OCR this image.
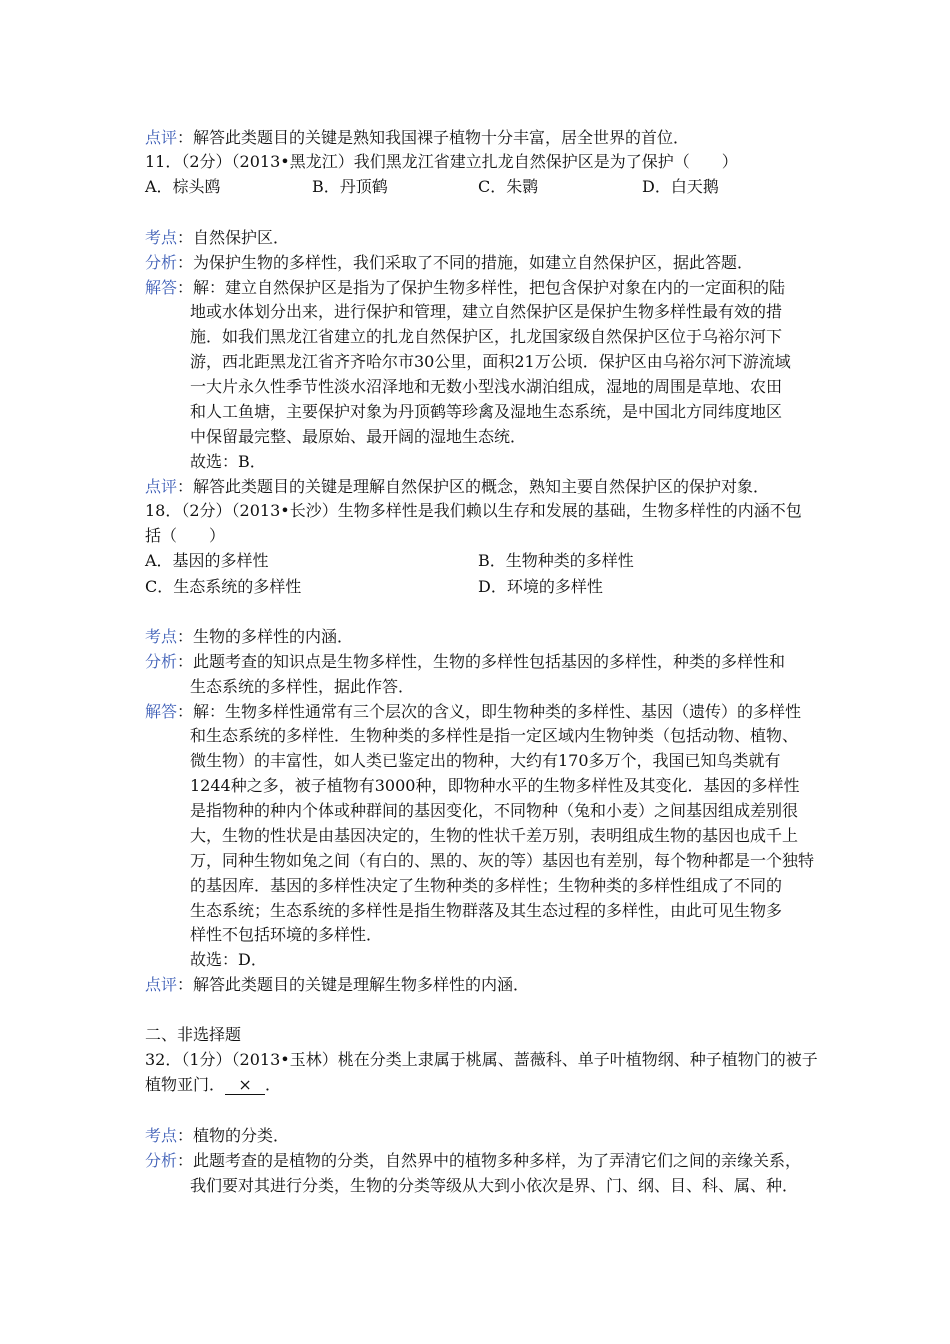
点评：解答此类题目的关键是熟知我国裸子植物十分丰富，居全世界的首位．
11．（2分）（2013•黑龙江）我们黑龙江省建立扎龙自然保护区是为了保护（　　）
A．棕头鸥	B．丹顶鹤	C．朱鹮	D．白天鹅
考点：自然保护区．
分析：为保护生物的多样性，我们采取了不同的措施，如建立自然保护区，据此答题．
解答：解：建立自然保护区是指为了保护生物多样性，把包含保护对象在内的一定面积的陆
地或水体划分出来，进行保护和管理，建立自然保护区是保护生物多样性最有效的措
施．如我们黑龙江省建立的扎龙自然保护区，扎龙国家级自然保护区位于乌裕尔河下
游，西北距黑龙江省齐齐哈尔市30公里，面积21万公顷．保护区由乌裕尔河下游流域
一大片永久性季节性淡水沼泽地和无数小型浅水湖泊组成，湿地的周围是草地、农田
和人工鱼塘，主要保护对象为丹顶鹤等珍禽及湿地生态系统，是中国北方同纬度地区
中保留最完整、最原始、最开阔的湿地生态统．
故选：B．
点评：解答此类题目的关键是理解自然保护区的概念，熟知主要自然保护区的保护对象．
18．（2分）（2013•长沙）生物多样性是我们赖以生存和发展的基础，生物多样性的内涵不包
括（　　）
A．基因的多样性	B．生物种类的多样性
C．生态系统的多样性	D．环境的多样性
考点：生物的多样性的内涵．
分析：此题考查的知识点是生物多样性，生物的多样性包括基因的多样性，种类的多样性和
生态系统的多样性，据此作答．
解答：解：生物多样性通常有三个层次的含义，即生物种类的多样性、基因（遗传）的多样性
和生态系统的多样性．生物种类的多样性是指一定区域内生物钟类（包括动物、植物、
微生物）的丰富性，如人类已鉴定出的物种，大约有170多万个，我国已知鸟类就有
1244种之多，被子植物有3000种，即物种水平的生物多样性及其变化．基因的多样性
是指物种的种内个体或种群间的基因变化，不同物种（兔和小麦）之间基因组成差别很
大，生物的性状是由基因决定的，生物的性状千差万别，表明组成生物的基因也成千上
万，同种生物如兔之间（有白的、黑的、灰的等）基因也有差别，每个物种都是一个独特
的基因库．基因的多样性决定了生物种类的多样性；生物种类的多样性组成了不同的
生态系统；生态系统的多样性是指生物群落及其生态过程的多样性，由此可见生物多
样性不包括环境的多样性．
故选：D．
点评：解答此类题目的关键是理解生物多样性的内涵．
二、非选择题
32．（1分）（2013•玉林）桃在分类上隶属于桃属、蔷薇科、单子叶植物纲、种子植物门的被子
植物亚门． × ．
考点：植物的分类．
分析：此题考查的是植物的分类，自然界中的植物多种多样，为了弄清它们之间的亲缘关系，
我们要对其进行分类，生物的分类等级从大到小依次是界、门、纲、目、科、属、种．
